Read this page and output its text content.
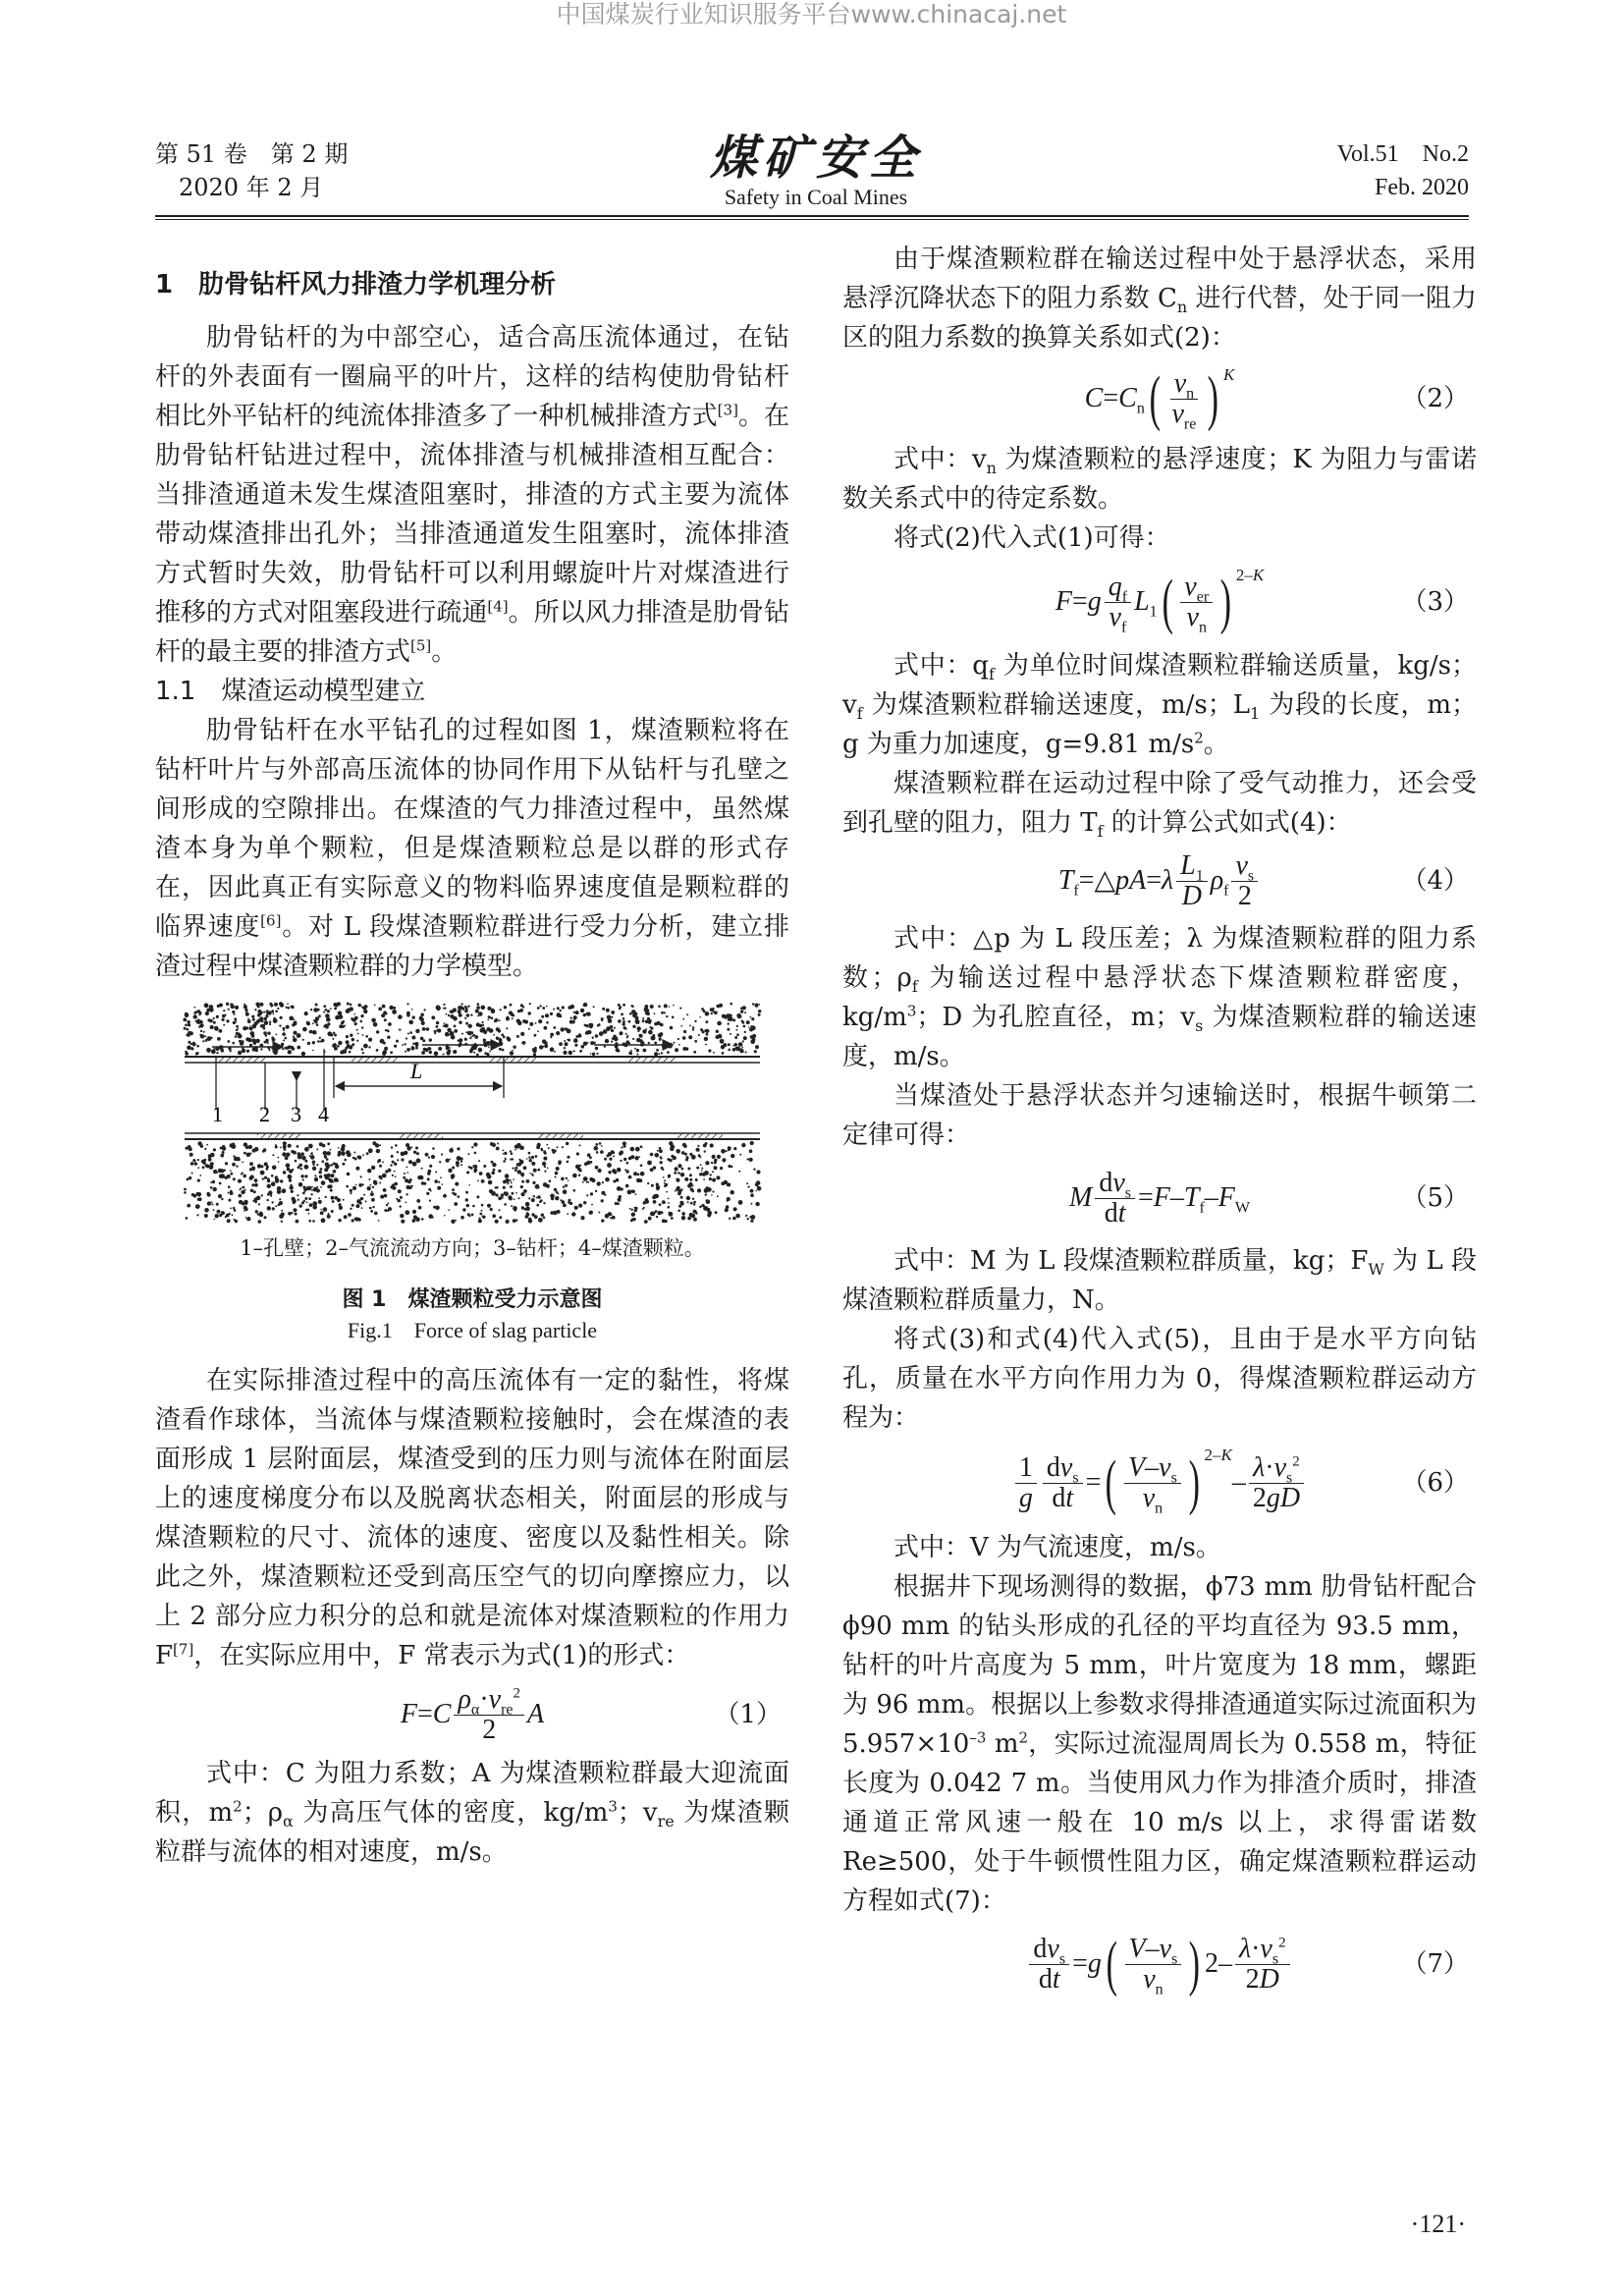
中国煤炭行业知识服务平台www.chinacaj.net
第 51 卷　第 2 期
2020 年 2 月
煤矿安全
Safety in Coal Mines
Vol.51　No.2
Feb. 2020
1　肋骨钻杆风力排渣力学机理分析

肋骨钻杆的为中部空心，适合高压流体通过，在钻杆的外表面有一圈扁平的叶片，这样的结构使肋骨钻杆相比外平钻杆的纯流体排渣多了一种机械排渣方式[3]。在肋骨钻杆钻进过程中，流体排渣与机械排渣相互配合：当排渣通道未发生煤渣阻塞时，排渣的方式主要为流体带动煤渣排出孔外；当排渣通道发生阻塞时，流体排渣方式暂时失效，肋骨钻杆可以利用螺旋叶片对煤渣进行推移的方式对阻塞段进行疏通[4]。所以风力排渣是肋骨钻杆的最主要的排渣方式[5]。

1.1　煤渣运动模型建立

肋骨钻杆在水平钻孔的过程如图 1，煤渣颗粒将在钻杆叶片与外部高压流体的协同作用下从钻杆与孔壁之间形成的空隙排出。在煤渣的气力排渣过程中，虽然煤渣本身为单个颗粒，但是煤渣颗粒总是以群的形式存在，因此真正有实际意义的物料临界速度值是颗粒群的临界速度[6]。对 L 段煤渣颗粒群进行受力分析，建立排渣过程中煤渣颗粒群的力学模型。

1 2 3 4
L
1–孔壁；2–气流流动方向；3–钻杆；4–煤渣颗粒。
图 1　煤渣颗粒受力示意图
Fig.1　Force of slag particle

在实际排渣过程中的高压流体有一定的黏性，将煤渣看作球体，当流体与煤渣颗粒接触时，会在煤渣的表面形成 1 层附面层，煤渣受到的压力则与流体在附面层上的速度梯度分布以及脱离状态相关，附面层的形成与煤渣颗粒的尺寸、流体的速度、密度以及黏性相关。除此之外，煤渣颗粒还受到高压空气的切向摩擦应力，以上 2 部分应力积分的总和就是流体对煤渣颗粒的作用力 F[7]，在实际应用中，F 常表示为式(1)的形式：

$F=C \frac{\rho_\alpha\cdot v_{re}^2}{2}$ A	（1）

式中：C 为阻力系数；A 为煤渣颗粒群最大迎流面积，$m^2$；$\rho_\alpha$ 为高压气体的密度，$kg/m^3$；$v_{re}$ 为煤渣颗粒群与流体的相对速度，m/s。

由于煤渣颗粒群在输送过程中处于悬浮状态，采用悬浮沉降状态下的阻力系数 $C_n$ 进行代替，处于同一阻力区的阻力系数的换算关系如式(2)：

$C=C_n$ ( $\frac{v_n}{v_{re}}$ ) K
（2）

式中：$v_n$ 为煤渣颗粒的悬浮速度；K 为阻力与雷诺数关系式中的待定系数。

将式(2)代入式(1)可得：

$F=g \frac{q_f}{v_f} L_1$ ( $\frac{v_{er}}{v_n}$ ) 2–K
（3）

式中：$q_f$ 为单位时间煤渣颗粒群输送质量，kg/s；$v_f$ 为煤渣颗粒群输送速度，m/s；$L_1$ 为段的长度，m；g 为重力加速度，g=9.81 $m/s^2$。

煤渣颗粒群在运动过程中除了受气动推力，还会受到孔壁的阻力，阻力 $T_f$ 的计算公式如式(4)：

$T_f=\triangle pA=\lambda \frac{L_1}{D} \rho_f \frac{v_s}{2}$	（4）

式中：△p 为 L 段压差；λ 为煤渣颗粒群的阻力系数；$\rho_f$ 为输送过程中悬浮状态下煤渣颗粒群密度，$kg/m^3$；D 为孔腔直径，m；$v_s$ 为煤渣颗粒群的输送速度，m/s。

当煤渣处于悬浮状态并匀速输送时，根据牛顿第二定律可得：

M $\frac{dv_s}{dt} =F-T_f-F_W$	（5）

式中：M 为 L 段煤渣颗粒群质量，kg；$F_W$ 为 L 段煤渣颗粒群质量力，N。

将式(3)和式(4)代入式(5)，且由于是水平方向钻孔，质量在水平方向作用力为 0，得煤渣颗粒群运动方程为：

$\frac{1}{g} \frac{dv_s}{dt}$ = ( $\frac{V-v_s}{v_n}$ ) 2–K
– $\frac{\lambda\cdot v_s^2}{2gD}$	（6）

式中：V 为气流速度，m/s。

根据井下现场测得的数据，ϕ73 mm 肋骨钻杆配合 ϕ90 mm 的钻头形成的孔径的平均直径为 93.5 mm，钻杆的叶片高度为 5 mm，叶片宽度为 18 mm，螺距为 96 mm。根据以上参数求得排渣通道实际过流面积为 $5.957\times 10^{-3}$ $m^2$，实际过流湿周周长为 0.558 m，特征长度为 0.042 7 m。当使用风力作为排渣介质时，排渣通道正常风速一般在 10 m/s 以上，求得雷诺数 Re≥500，处于牛顿惯性阻力区，确定煤渣颗粒群运动方程如式(7)：

$\frac{dv_s}{dt} =g$ ( $\frac{V-v_s}{v_n}$ ) $2- \frac{\lambda\cdot v_s^2}{2D}$	（7）
·121·
